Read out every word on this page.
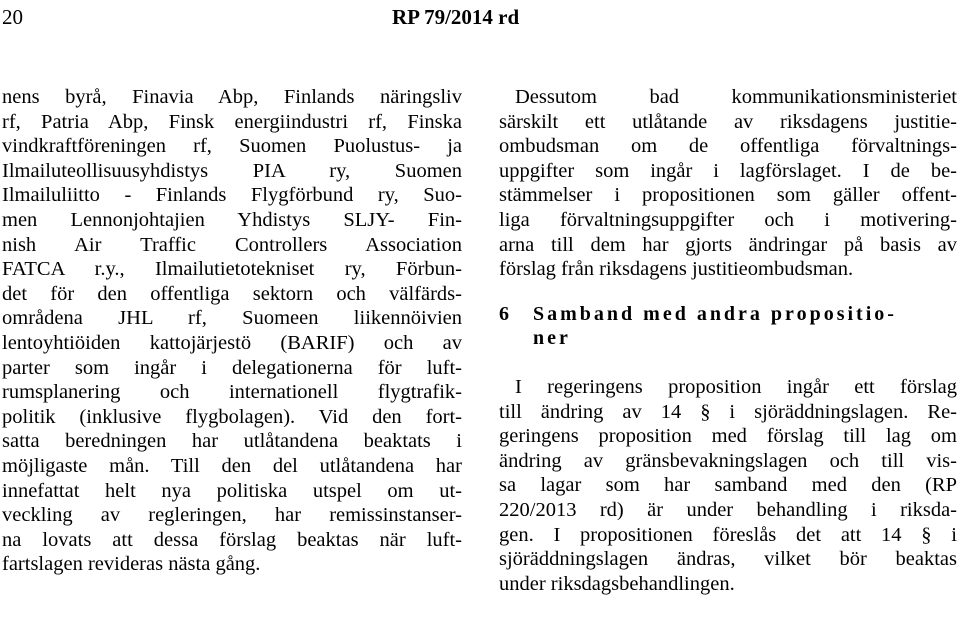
20	RP 79/2014 rd
nens byrå, Finavia Abp, Finlands näringsliv
rf, Patria Abp, Finsk energiindustri rf, Finska
vindkraftföreningen rf, Suomen Puolustus- ja
Ilmailuteollisuusyhdistys PIA ry, Suomen
Ilmailuliitto - Finlands Flygförbund ry, Suo-
men Lennonjohtajien Yhdistys SLJY- Fin-
nish Air Traffic Controllers Association
FATCA r.y., Ilmailutietotekniset ry, Förbun-
det för den offentliga sektorn och välfärds-
områdena JHL rf, Suomeen liikennöivien
lentoyhtiöiden kattojärjestö (BARIF) och av
parter som ingår i delegationerna för luft-
rumsplanering och internationell flygtrafik-
politik (inklusive flygbolagen). Vid den fort-
satta beredningen har utlåtandena beaktats i
möjligaste mån. Till den del utlåtandena har
innefattat helt nya politiska utspel om ut-
veckling av regleringen, har remissinstanser-
na lovats att dessa förslag beaktas när luft-
fartslagen revideras nästa gång.
Dessutom bad kommunikationsministeriet
särskilt ett utlåtande av riksdagens justitie-
ombudsman om de offentliga förvaltnings-
uppgifter som ingår i lagförslaget. I de be-
stämmelser i propositionen som gäller offent-
liga förvaltningsuppgifter och i motivering-
arna till dem har gjorts ändringar på basis av
förslag från riksdagens justitieombudsman.
6 Samband med andra propositio-
ner
I regeringens proposition ingår ett förslag
till ändring av 14 § i sjöräddningslagen. Re-
geringens proposition med förslag till lag om
ändring av gränsbevakningslagen och till vis-
sa lagar som har samband med den (RP
220/2013 rd) är under behandling i riksda-
gen. I propositionen föreslås det att 14 § i
sjöräddningslagen ändras, vilket bör beaktas
under riksdagsbehandlingen.
